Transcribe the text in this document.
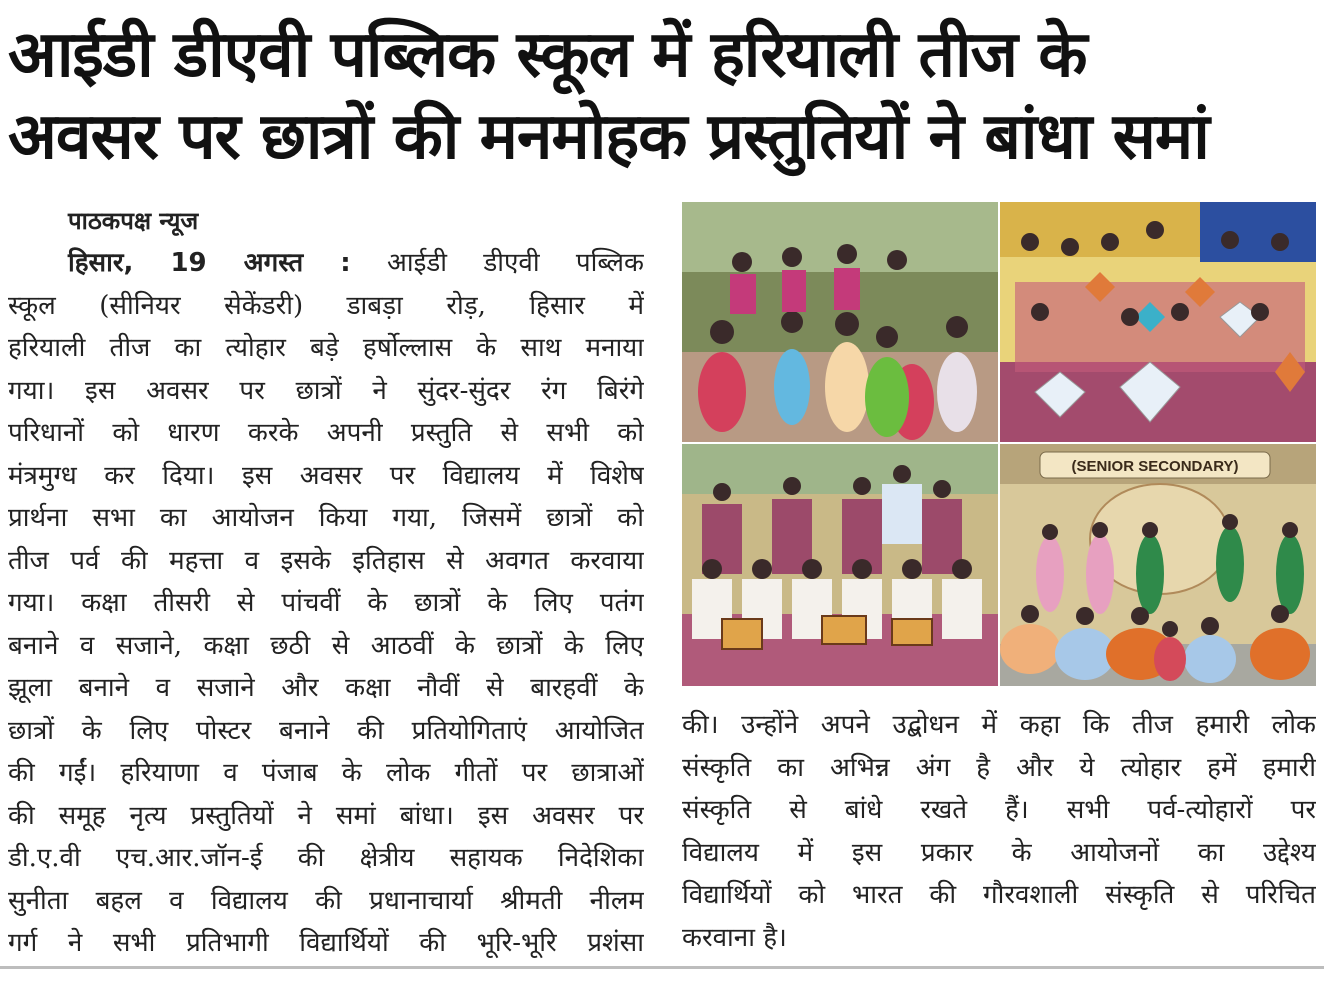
आईडी डीएवी पब्लिक स्कूल में हरियाली तीज के
अवसर पर छात्रों की मनमोहक प्रस्तुतियों ने बांधा समां
पाठकपक्ष न्यूज
हिसार, 19 अगस्त : आईडी डीएवी पब्लिक
स्कूल (सीनियर सेकेंडरी) डाबड़ा रोड़, हिसार में
हरियाली तीज का त्योहार बड़े हर्षोल्लास के साथ मनाया
गया। इस अवसर पर छात्रों ने सुंदर-सुंदर रंग बिरंगे
परिधानों को धारण करके अपनी प्रस्तुति से सभी को
मंत्रमुग्ध कर दिया। इस अवसर पर विद्यालय में विशेष
प्रार्थना सभा का आयोजन किया गया, जिसमें छात्रों को
तीज पर्व की महत्ता व इसके इतिहास से अवगत करवाया
गया। कक्षा तीसरी से पांचवीं के छात्रों के लिए पतंग
बनाने व सजाने, कक्षा छठी से आठवीं के छात्रों के लिए
झूला बनाने व सजाने और कक्षा नौवीं से बारहवीं के
छात्रों के लिए पोस्टर बनाने की प्रतियोगिताएं आयोजित
की गईं। हरियाणा व पंजाब के लोक गीतों पर छात्राओं
की समूह नृत्य प्रस्तुतियों ने समां बांधा। इस अवसर पर
डी.ए.वी एच.आर.जॉन-ई की क्षेत्रीय सहायक निदेशिका
सुनीता बहल व विद्यालय की प्रधानाचार्या श्रीमती नीलम
गर्ग ने सभी प्रतिभागी विद्यार्थियों की भूरि-भूरि प्रशंसा
(SENIOR SECONDARY)
की। उन्होंने अपने उद्बोधन में कहा कि तीज हमारी लोक
संस्कृति का अभिन्न अंग है और ये त्योहार हमें हमारी
संस्कृति से बांधे रखते हैं। सभी पर्व-त्योहारों पर
विद्यालय में इस प्रकार के आयोजनों का उद्देश्य
विद्यार्थियों को भारत की गौरवशाली संस्कृति से परिचित
करवाना है।
